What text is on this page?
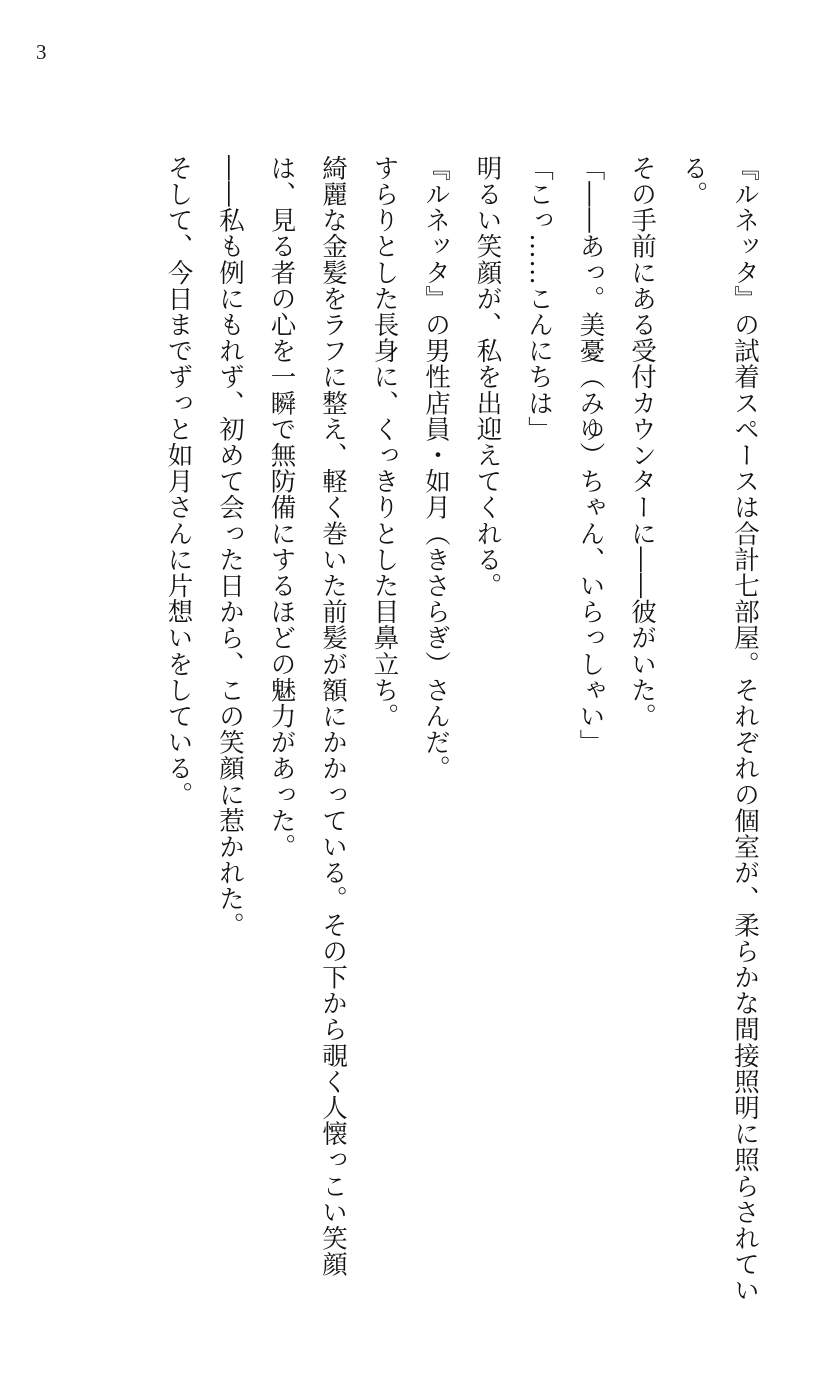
3

『ルネッタ』の試着スペースは合計七部屋。それぞれの個室が、柔らかな間接照明に照らされている。

その手前にある受付カウンターに――彼がいた。

「――あっ。美憂（みゆ）ちゃん、いらっしゃい」

「こっ……こんにちは」

明るい笑顔が、私を出迎えてくれる。

『ルネッタ』の男性店員・如月（きさらぎ）さんだ。

すらりとした長身に、くっきりとした目鼻立ち。

綺麗な金髪をラフに整え、軽く巻いた前髪が額にかかっている。その下から覗く人懐っこい笑顔は、見る者の心を一瞬で無防備にするほどの魅力があった。

――私も例にもれず、初めて会った日から、この笑顔に惹かれた。

そして、今日までずっと如月さんに片想いをしている。
